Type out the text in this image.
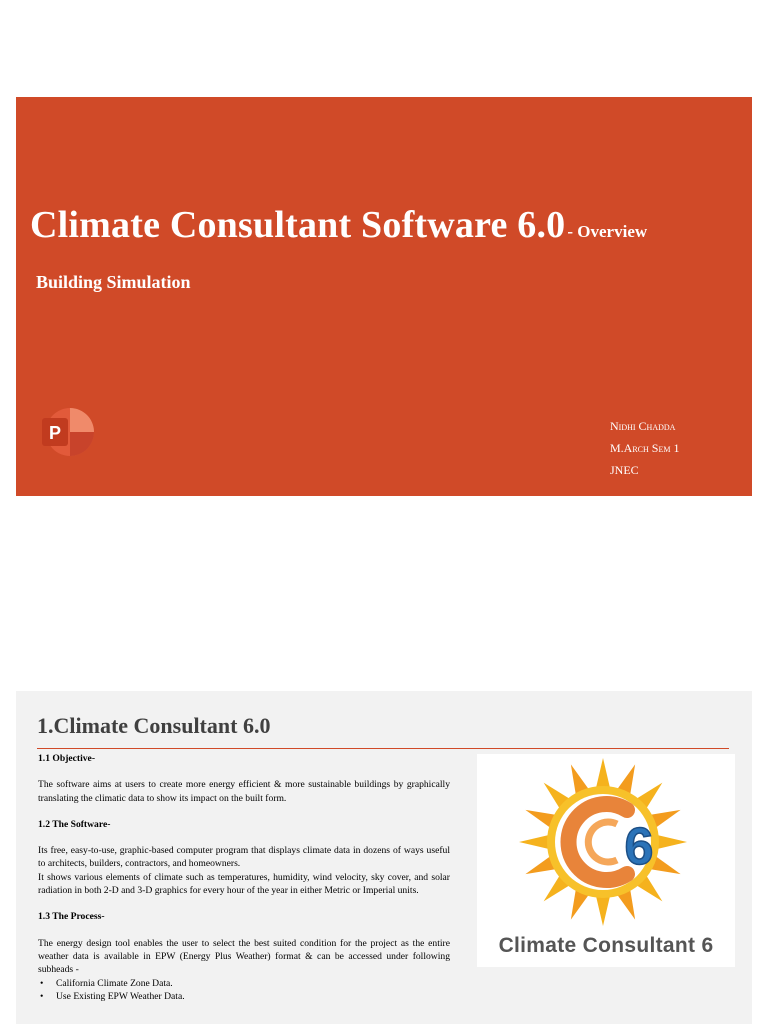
Climate Consultant Software 6.0 - Overview
Building Simulation
P	Nidhi Chadda
M.Arch Sem 1
JNEC
1.Climate Consultant 6.0

1.1 Objective-

The software aims at users to create more energy efficient & more sustainable buildings by graphically translating the climatic data to show its impact on the built form.

1.2 The Software-

Its free, easy-to-use, graphic-based computer program that displays climate data in dozens of ways useful to architects, builders, contractors, and homeowners.

It shows various elements of climate such as temperatures, humidity, wind velocity, sky cover, and solar radiation in both 2-D and 3-D graphics for every hour of the year in either Metric or Imperial units.

1.3 The Process-

The energy design tool enables the user to select the best suited condition for the project as the entire weather data is available in EPW (Energy Plus Weather) format & can be accessed under following subheads -

• California Climate Zone Data.
• Use Existing EPW Weather Data.
6
Climate Consultant 6
